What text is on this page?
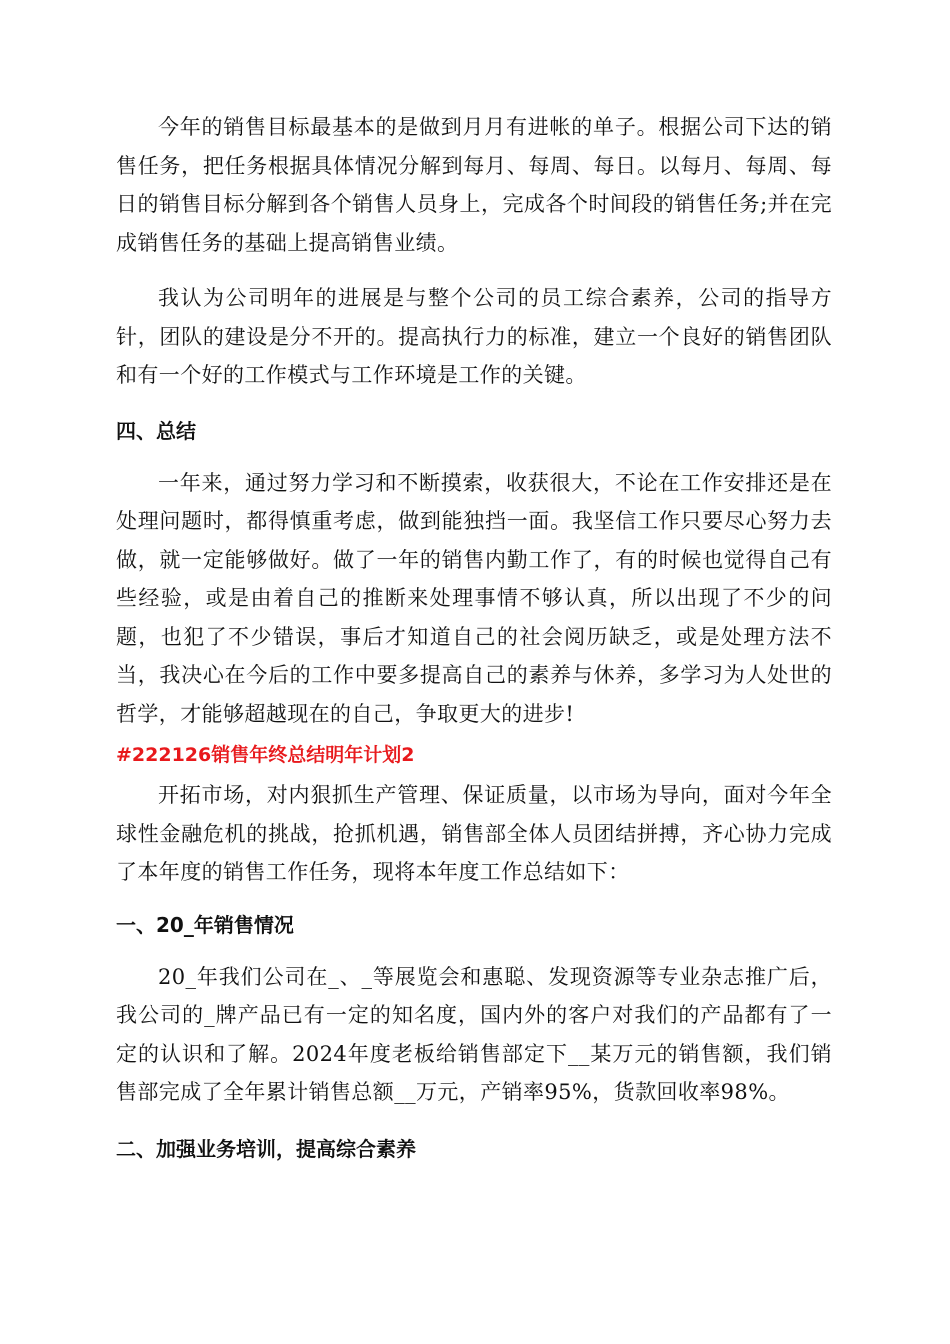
今年的销售目标最基本的是做到月月有进帐的单子。根据公司下达的销售任务，把任务根据具体情况分解到每月、每周、每日。以每月、每周、每日的销售目标分解到各个销售人员身上，完成各个时间段的销售任务;并在完成销售任务的基础上提高销售业绩。

我认为公司明年的进展是与整个公司的员工综合素养，公司的指导方针，团队的建设是分不开的。提高执行力的标准，建立一个良好的销售团队和有一个好的工作模式与工作环境是工作的关键。

四、总结

一年来，通过努力学习和不断摸索，收获很大，不论在工作安排还是在处理问题时，都得慎重考虑，做到能独挡一面。我坚信工作只要尽心努力去做，就一定能够做好。做了一年的销售内勤工作了，有的时候也觉得自己有些经验，或是由着自己的推断来处理事情不够认真，所以出现了不少的问题，也犯了不少错误，事后才知道自己的社会阅历缺乏，或是处理方法不当，我决心在今后的工作中要多提高自己的素养与休养，多学习为人处世的哲学，才能够超越现在的自己，争取更大的进步!

#222126销售年终总结明年计划2

开拓市场，对内狠抓生产管理、保证质量，以市场为导向，面对今年全球性金融危机的挑战，抢抓机遇，销售部全体人员团结拼搏，齐心协力完成了本年度的销售工作任务，现将本年度工作总结如下：

一、20_年销售情况

20_年我们公司在_、_等展览会和惠聪、发现资源等专业杂志推广后，我公司的_牌产品已有一定的知名度，国内外的客户对我们的产品都有了一定的认识和了解。2024年度老板给销售部定下__某万元的销售额，我们销售部完成了全年累计销售总额__万元，产销率95%，货款回收率98%。

二、加强业务培训，提高综合素养
